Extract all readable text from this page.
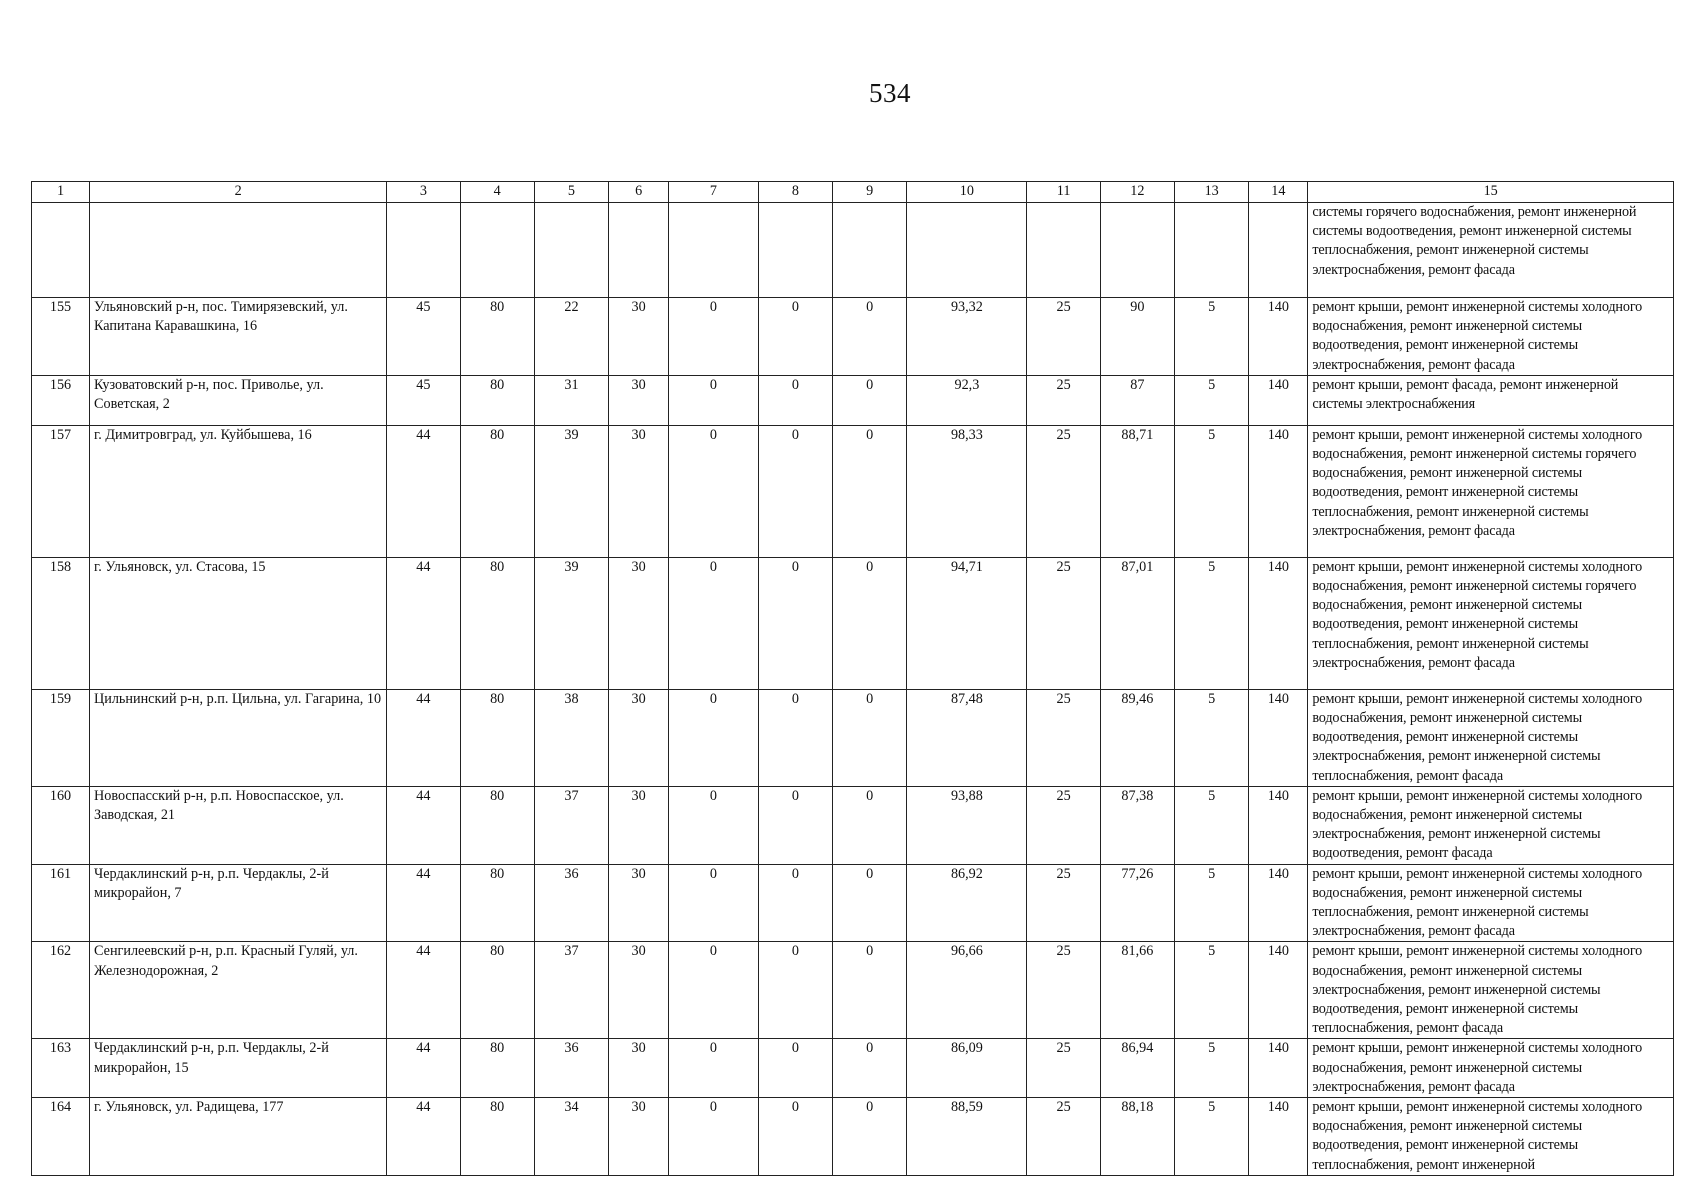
534
1	2	3	4	5	6	7	8	9	10	11	12	13	14	15
														системы горячего водоснабжения, ремонт инженерной системы водоотведения, ремонт инженерной системы теплоснабжения, ремонт инженерной системы электроснабжения, ремонт фасада
155	Ульяновский р-н, пос. Тимирязевский, ул. Капитана Каравашкина, 16	45	80	22	30	0	0	0	93,32	25	90	5	140	ремонт крыши, ремонт инженерной системы холодного водоснабжения, ремонт инженерной системы водоотведения, ремонт инженерной системы электроснабжения, ремонт фасада
156	Кузоватовский р-н, пос. Приволье, ул. Советская, 2	45	80	31	30	0	0	0	92,3	25	87	5	140	ремонт крыши, ремонт фасада, ремонт инженерной системы электроснабжения
157	г. Димитровград, ул. Куйбышева, 16	44	80	39	30	0	0	0	98,33	25	88,71	5	140	ремонт крыши, ремонт инженерной системы холодного водоснабжения, ремонт инженерной системы горячего водоснабжения, ремонт инженерной системы водоотведения, ремонт инженерной системы теплоснабжения, ремонт инженерной системы электроснабжения, ремонт фасада
158	г. Ульяновск, ул. Стасова, 15	44	80	39	30	0	0	0	94,71	25	87,01	5	140	ремонт крыши, ремонт инженерной системы холодного водоснабжения, ремонт инженерной системы горячего водоснабжения, ремонт инженерной системы водоотведения, ремонт инженерной системы теплоснабжения, ремонт инженерной системы электроснабжения, ремонт фасада
159	Цильнинский р-н, р.п. Цильна, ул. Гагарина, 10	44	80	38	30	0	0	0	87,48	25	89,46	5	140	ремонт крыши, ремонт инженерной системы холодного водоснабжения, ремонт инженерной системы водоотведения, ремонт инженерной системы электроснабжения, ремонт инженерной системы теплоснабжения, ремонт фасада
160	Новоспасский р-н, р.п. Новоспасское, ул. Заводская, 21	44	80	37	30	0	0	0	93,88	25	87,38	5	140	ремонт крыши, ремонт инженерной системы холодного водоснабжения, ремонт инженерной системы электроснабжения, ремонт инженерной системы водоотведения, ремонт фасада
161	Чердаклинский р-н, р.п. Чердаклы, 2-й микрорайон, 7	44	80	36	30	0	0	0	86,92	25	77,26	5	140	ремонт крыши, ремонт инженерной системы холодного водоснабжения, ремонт инженерной системы теплоснабжения, ремонт инженерной системы электроснабжения, ремонт фасада
162	Сенгилеевский р-н, р.п. Красный Гуляй, ул. Железнодорожная, 2	44	80	37	30	0	0	0	96,66	25	81,66	5	140	ремонт крыши, ремонт инженерной системы холодного водоснабжения, ремонт инженерной системы электроснабжения, ремонт инженерной системы водоотведения, ремонт инженерной системы теплоснабжения, ремонт фасада
163	Чердаклинский р-н, р.п. Чердаклы, 2-й микрорайон, 15	44	80	36	30	0	0	0	86,09	25	86,94	5	140	ремонт крыши, ремонт инженерной системы холодного водоснабжения, ремонт инженерной системы электроснабжения, ремонт фасада
164	г. Ульяновск, ул. Радищева, 177	44	80	34	30	0	0	0	88,59	25	88,18	5	140	ремонт крыши, ремонт инженерной системы холодного водоснабжения, ремонт инженерной системы водоотведения, ремонт инженерной системы теплоснабжения, ремонт инженерной
